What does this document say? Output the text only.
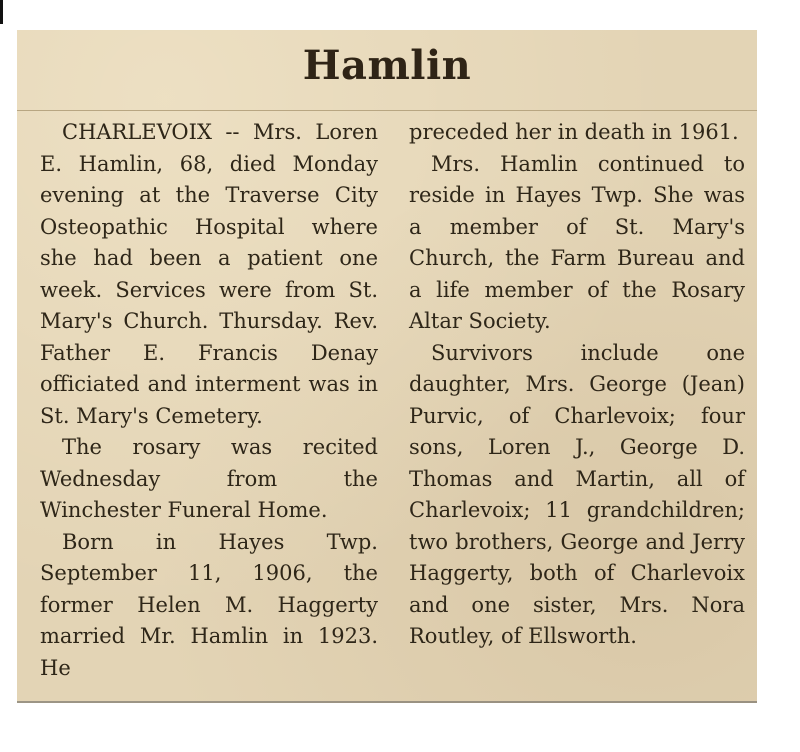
Hamlin

CHARLEVOIX -- Mrs. Loren E. Hamlin, 68, died Monday evening at the Traverse City Osteopathic Hospital where she had been a patient one week. Services were from St. Mary's Church. Thursday. Rev. Father E. Francis Denay officiated and interment was in St. Mary's Cemetery.

The rosary was recited Wednesday from the Winchester Funeral Home.

Born in Hayes Twp. September 11, 1906, the former Helen M. Haggerty married Mr. Hamlin in 1923. He

preceded her in death in 1961.

Mrs. Hamlin continued to reside in Hayes Twp. She was a member of St. Mary's Church, the Farm Bureau and a life member of the Rosary Altar Society.

Survivors include one daughter, Mrs. George (Jean) Purvic, of Charlevoix; four sons, Loren J., George D. Thomas and Martin, all of Charlevoix; 11 grandchildren; two brothers, George and Jerry Haggerty, both of Charlevoix and one sister, Mrs. Nora Routley, of Ellsworth.
